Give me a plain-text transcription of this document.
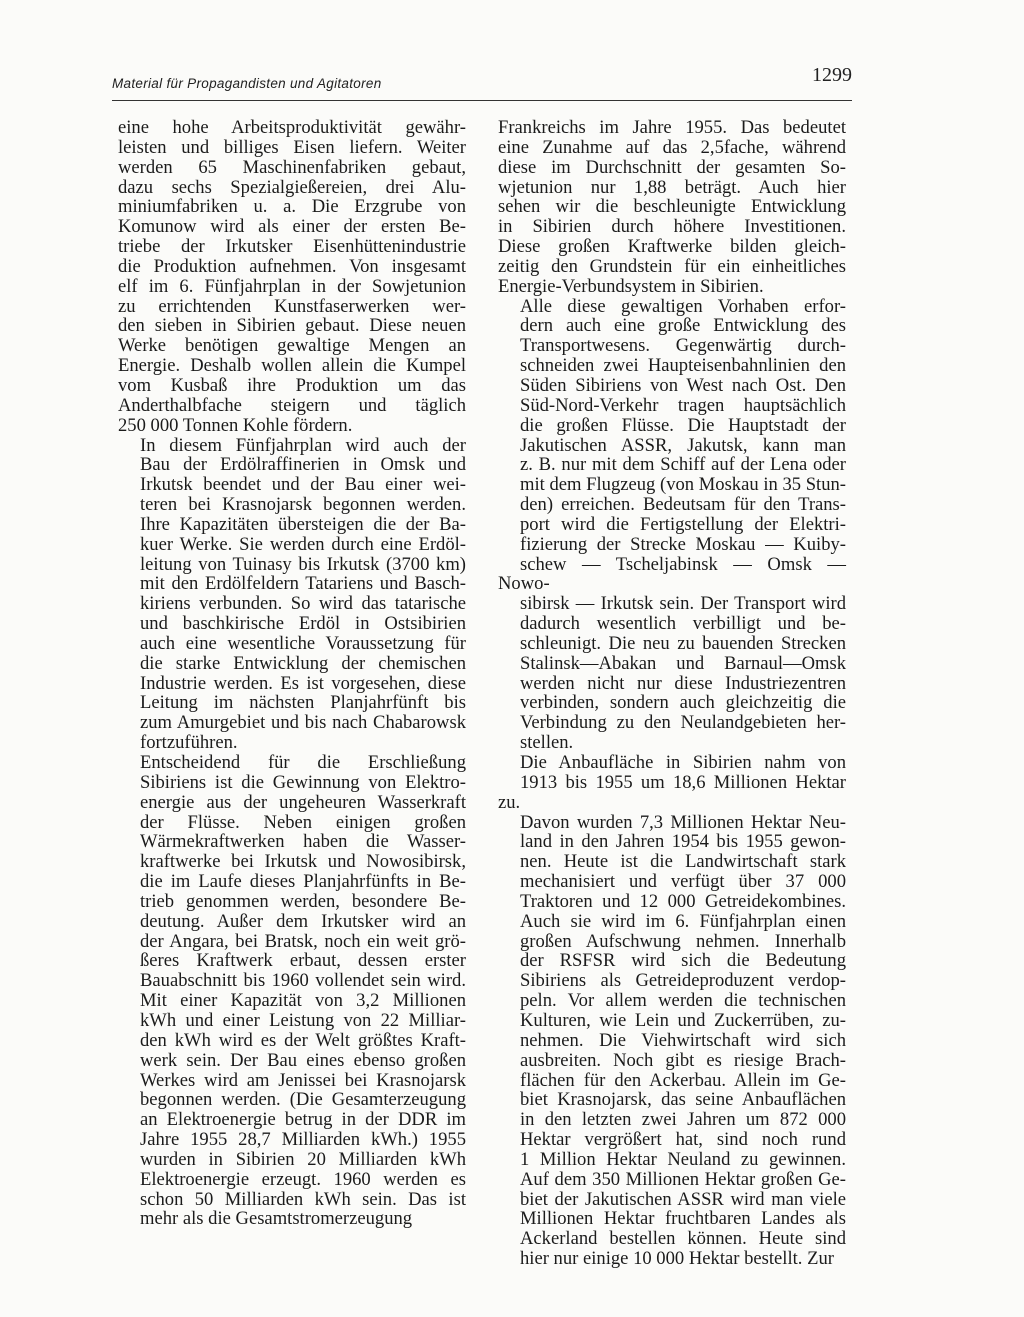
Material für Propagandisten und Agitatoren	1299

eine hohe Arbeitsproduktivität gewähr-
leisten und billiges Eisen liefern. Weiter
werden 65 Maschinenfabriken gebaut,
dazu sechs Spezialgießereien, drei Alu-
miniumfabriken u. a. Die Erzgrube von
Komunow wird als einer der ersten Be-
triebe der Irkutsker Eisenhüttenindustrie
die Produktion aufnehmen. Von insgesamt
elf im 6. Fünfjahrplan in der Sowjetunion
zu errichtenden Kunstfaserwerken wer-
den sieben in Sibirien gebaut. Diese neuen
Werke benötigen gewaltige Mengen an
Energie. Deshalb wollen allein die Kumpel
vom Kusbaß ihre Produktion um das
Anderthalbfache steigern und täglich
250 000 Tonnen Kohle fördern.

In diesem Fünfjahrplan wird auch der
Bau der Erdölraffinerien in Omsk und
Irkutsk beendet und der Bau einer wei-
teren bei Krasnojarsk begonnen werden.
Ihre Kapazitäten übersteigen die der Ba-
kuer Werke. Sie werden durch eine Erdöl-
leitung von Tuinasy bis Irkutsk (3700 km)
mit den Erdölfeldern Tatariens und Basch-
kiriens verbunden. So wird das tatarische
und baschkirische Erdöl in Ostsibirien
auch eine wesentliche Voraussetzung für
die starke Entwicklung der chemischen
Industrie werden. Es ist vorgesehen, diese
Leitung im nächsten Planjahrfünft bis
zum Amurgebiet und bis nach Chabarowsk
fortzuführen.

Entscheidend für die Erschließung
Sibiriens ist die Gewinnung von Elektro-
energie aus der ungeheuren Wasserkraft
der Flüsse. Neben einigen großen
Wärmekraftwerken haben die Wasser-
kraftwerke bei Irkutsk und Nowosibirsk,
die im Laufe dieses Planjahrfünfts in Be-
trieb genommen werden, besondere Be-
deutung. Außer dem Irkutsker wird an
der Angara, bei Bratsk, noch ein weit grö-
ßeres Kraftwerk erbaut, dessen erster
Bauabschnitt bis 1960 vollendet sein wird.
Mit einer Kapazität von 3,2 Millionen
kWh und einer Leistung von 22 Milliar-
den kWh wird es der Welt größtes Kraft-
werk sein. Der Bau eines ebenso großen
Werkes wird am Jenissei bei Krasnojarsk
begonnen werden. (Die Gesamterzeugung
an Elektroenergie betrug in der DDR im
Jahre 1955 28,7 Milliarden kWh.) 1955
wurden in Sibirien 20 Milliarden kWh
Elektroenergie erzeugt. 1960 werden es
schon 50 Milliarden kWh sein. Das ist
mehr als die Gesamtstromerzeugung

Frankreichs im Jahre 1955. Das bedeutet
eine Zunahme auf das 2,5fache, während
diese im Durchschnitt der gesamten So-
wjetunion nur 1,88 beträgt. Auch hier
sehen wir die beschleunigte Entwicklung
in Sibirien durch höhere Investitionen.
Diese großen Kraftwerke bilden gleich-
zeitig den Grundstein für ein einheitliches
Energie-Verbundsystem in Sibirien.

Alle diese gewaltigen Vorhaben erfor-
dern auch eine große Entwicklung des
Transportwesens. Gegenwärtig durch-
schneiden zwei Haupteisenbahnlinien den
Süden Sibiriens von West nach Ost. Den
Süd-Nord-Verkehr tragen hauptsächlich
die großen Flüsse. Die Hauptstadt der
Jakutischen ASSR, Jakutsk, kann man
z. B. nur mit dem Schiff auf der Lena oder
mit dem Flugzeug (von Moskau in 35 Stun-
den) erreichen. Bedeutsam für den Trans-
port wird die Fertigstellung der Elektri-
fizierung der Strecke Moskau — Kuiby-
schew — Tscheljabinsk — Omsk — Nowo-
sibirsk — Irkutsk sein. Der Transport wird
dadurch wesentlich verbilligt und be-
schleunigt. Die neu zu bauenden Strecken
Stalinsk—Abakan und Barnaul—Omsk
werden nicht nur diese Industriezentren
verbinden, sondern auch gleichzeitig die
Verbindung zu den Neulandgebieten her-
stellen.

Die Anbaufläche in Sibirien nahm von
1913 bis 1955 um 18,6 Millionen Hektar zu.
Davon wurden 7,3 Millionen Hektar Neu-
land in den Jahren 1954 bis 1955 gewon-
nen. Heute ist die Landwirtschaft stark
mechanisiert und verfügt über 37 000
Traktoren und 12 000 Getreidekombines.
Auch sie wird im 6. Fünfjahrplan einen
großen Aufschwung nehmen. Innerhalb
der RSFSR wird sich die Bedeutung
Sibiriens als Getreideproduzent verdop-
peln. Vor allem werden die technischen
Kulturen, wie Lein und Zuckerrüben, zu-
nehmen. Die Viehwirtschaft wird sich
ausbreiten. Noch gibt es riesige Brach-
flächen für den Ackerbau. Allein im Ge-
biet Krasnojarsk, das seine Anbauflächen
in den letzten zwei Jahren um 872 000
Hektar vergrößert hat, sind noch rund
1 Million Hektar Neuland zu gewinnen.
Auf dem 350 Millionen Hektar großen Ge-
biet der Jakutischen ASSR wird man viele
Millionen Hektar fruchtbaren Landes als
Ackerland bestellen können. Heute sind
hier nur einige 10 000 Hektar bestellt. Zur
